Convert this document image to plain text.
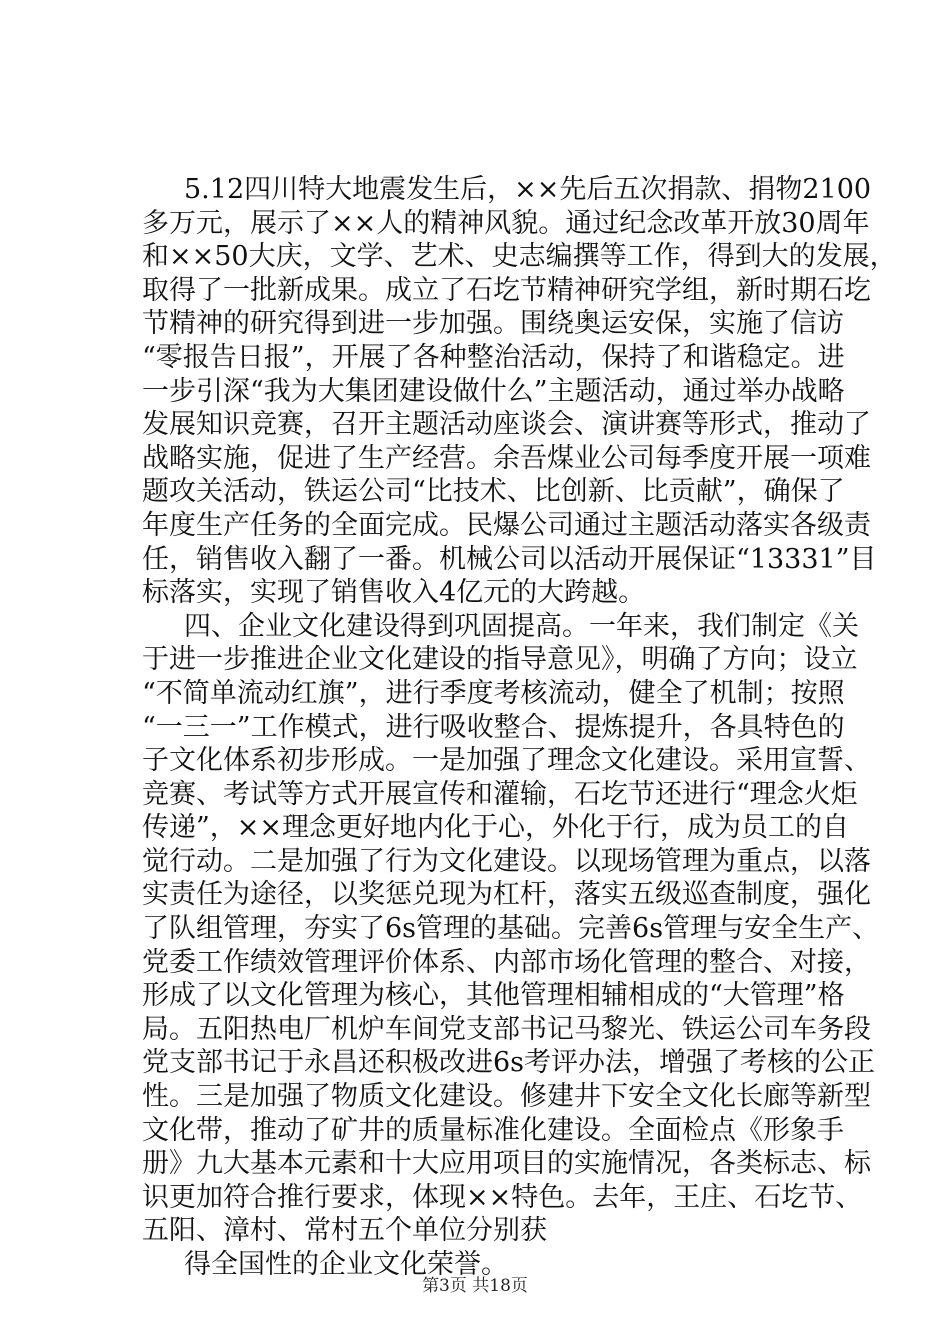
5.12四川特大地震发生后，××先后五次捐款、捐物2100
多万元，展示了××人的精神风貌。通过纪念改革开放30周年
和××50大庆，文学、艺术、史志编撰等工作，得到大的发展，
取得了一批新成果。成立了石圪节精神研究学组，新时期石圪
节精神的研究得到进一步加强。围绕奥运安保，实施了信访
“零报告日报”，开展了各种整治活动，保持了和谐稳定。进
一步引深“我为大集团建设做什么”主题活动，通过举办战略
发展知识竞赛，召开主题活动座谈会、演讲赛等形式，推动了
战略实施，促进了生产经营。余吾煤业公司每季度开展一项难
题攻关活动，铁运公司“比技术、比创新、比贡献”，确保了
年度生产任务的全面完成。民爆公司通过主题活动落实各级责
任，销售收入翻了一番。机械公司以活动开展保证“13331”目
标落实，实现了销售收入4亿元的大跨越。
四、企业文化建设得到巩固提高。一年来，我们制定《关
于进一步推进企业文化建设的指导意见》，明确了方向；设立
“不简单流动红旗”，进行季度考核流动，健全了机制；按照
“一三一”工作模式，进行吸收整合、提炼提升，各具特色的
子文化体系初步形成。一是加强了理念文化建设。采用宣誓、
竞赛、考试等方式开展宣传和灌输，石圪节还进行“理念火炬
传递”，××理念更好地内化于心，外化于行，成为员工的自
觉行动。二是加强了行为文化建设。以现场管理为重点，以落
实责任为途径，以奖惩兑现为杠杆，落实五级巡查制度，强化
了队组管理，夯实了6s管理的基础。完善6s管理与安全生产、
党委工作绩效管理评价体系、内部市场化管理的整合、对接，
形成了以文化管理为核心，其他管理相辅相成的“大管理”格
局。五阳热电厂机炉车间党支部书记马黎光、铁运公司车务段
党支部书记于永昌还积极改进6s考评办法，增强了考核的公正
性。三是加强了物质文化建设。修建井下安全文化长廊等新型
文化带，推动了矿井的质量标准化建设。全面检点《形象手
册》九大基本元素和十大应用项目的实施情况，各类标志、标
识更加符合推行要求，体现××特色。去年，王庄、石圪节、
五阳、漳村、常村五个单位分别获
得全国性的企业文化荣誉。
第3页 共18页
